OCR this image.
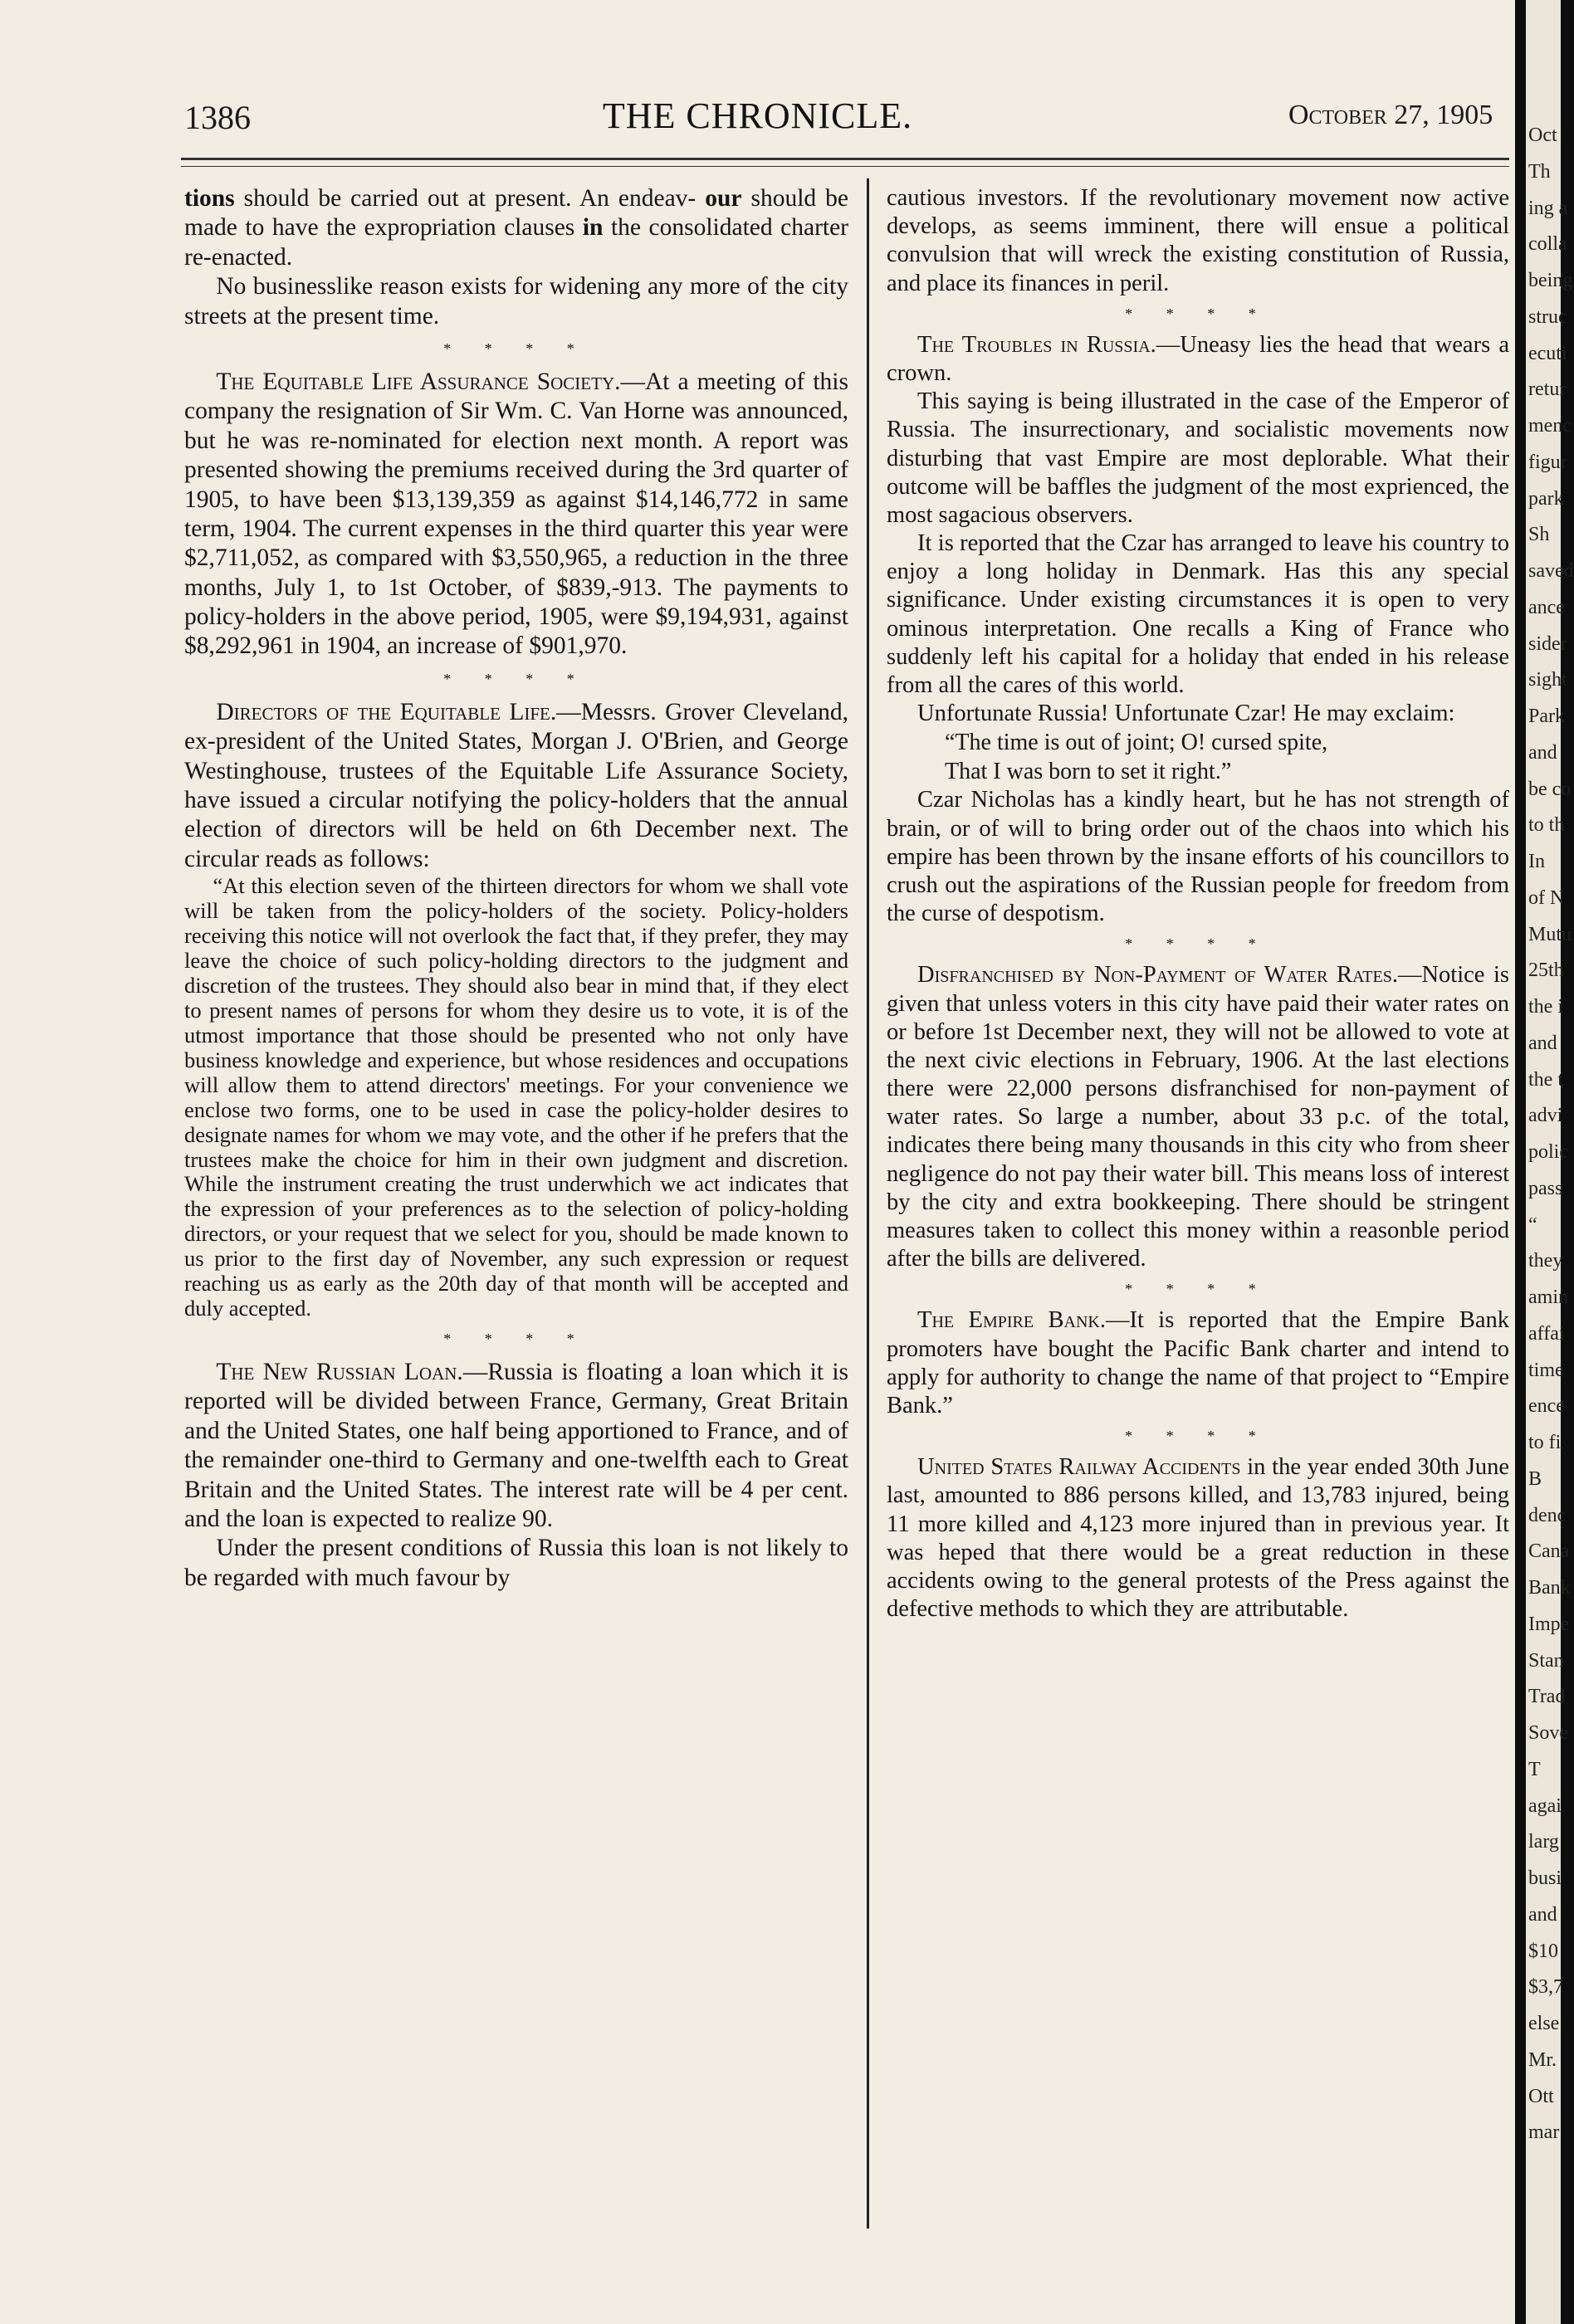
1386	THE CHRONICLE.	October 27, 1905

tions should be carried out at present. An endeav- our should be made to have the expropriation clauses in the consolidated charter re-enacted.

No businesslike reason exists for widening any more of the city streets at the present time.

* * * *

The Equitable Life Assurance Society.—At a meeting of this company the resignation of Sir Wm. C. Van Horne was announced, but he was re-nominated for election next month. A report was presented showing the premiums received during the 3rd quarter of 1905, to have been $13,139,359 as against $14,146,772 in same term, 1904. The current expenses in the third quarter this year were $2,711,052, as compared with $3,550,965, a reduction in the three months, July 1, to 1st October, of $839,-913. The payments to policy-holders in the above period, 1905, were $9,194,931, against $8,292,961 in 1904, an increase of $901,970.

* * * *

Directors of the Equitable Life.—Messrs. Grover Cleveland, ex-president of the United States, Morgan J. O'Brien, and George Westinghouse, trustees of the Equitable Life Assurance Society, have issued a circular notifying the policy-holders that the annual election of directors will be held on 6th December next. The circular reads as follows:

“At this election seven of the thirteen directors for whom we shall vote will be taken from the policy-holders of the society. Policy-holders receiving this notice will not overlook the fact that, if they prefer, they may leave the choice of such policy-holding directors to the judgment and discretion of the trustees. They should also bear in mind that, if they elect to present names of persons for whom they desire us to vote, it is of the utmost importance that those should be presented who not only have business knowledge and experience, but whose residences and occupations will allow them to attend directors' meetings. For your convenience we enclose two forms, one to be used in case the policy-holder desires to designate names for whom we may vote, and the other if he prefers that the trustees make the choice for him in their own judgment and discretion. While the instrument creating the trust underwhich we act indicates that the expression of your preferences as to the selection of policy-holding directors, or your request that we select for you, should be made known to us prior to the first day of November, any such expression or request reaching us as early as the 20th day of that month will be accepted and duly accepted.

* * * *

The New Russian Loan.—Russia is floating a loan which it is reported will be divided between France, Germany, Great Britain and the United States, one half being apportioned to France, and of the remainder one-third to Germany and one-twelfth each to Great Britain and the United States. The interest rate will be 4 per cent. and the loan is expected to realize 90.

Under the present conditions of Russia this loan is not likely to be regarded with much favour by

cautious investors. If the revolutionary movement now active develops, as seems imminent, there will ensue a political convulsion that will wreck the existing constitution of Russia, and place its finances in peril.

* * * *

The Troubles in Russia.—Uneasy lies the head that wears a crown.

This saying is being illustrated in the case of the Emperor of Russia. The insurrectionary, and socialistic movements now disturbing that vast Empire are most deplorable. What their outcome will be baffles the judgment of the most exprienced, the most sagacious observers.

It is reported that the Czar has arranged to leave his country to enjoy a long holiday in Denmark. Has this any special significance. Under existing circumstances it is open to very ominous interpretation. One recalls a King of France who suddenly left his capital for a holiday that ended in his release from all the cares of this world.

Unfortunate Russia! Unfortunate Czar! He may exclaim:

“The time is out of joint; O! cursed spite,
That I was born to set it right.”

Czar Nicholas has a kindly heart, but he has not strength of brain, or of will to bring order out of the chaos into which his empire has been thrown by the insane efforts of his councillors to crush out the aspirations of the Russian people for freedom from the curse of despotism.

* * * *

Disfranchised by Non-Payment of Water Rates.—Notice is given that unless voters in this city have paid their water rates on or before 1st December next, they will not be allowed to vote at the next civic elections in February, 1906. At the last elections there were 22,000 persons disfranchised for non-payment of water rates. So large a number, about 33 p.c. of the total, indicates there being many thousands in this city who from sheer negligence do not pay their water bill. This means loss of interest by the city and extra bookkeeping. There should be stringent measures taken to collect this money within a reasonble period after the bills are delivered.

* * * *

The Empire Bank.—It is reported that the Empire Bank promoters have bought the Pacific Bank charter and intend to apply for authority to change the name of that project to “Empire Bank.”

* * * *

United States Railway Accidents in the year ended 30th June last, amounted to 886 persons killed, and 13,783 injured, being 11 more killed and 4,123 more injured than in previous year. It was heped that there would be a great reduction in these accidents owing to the general protests of the Press against the defective methods to which they are attributable.

Oct
Th
ing a
colla
being
struc
ecuti
retur
menc
figur
park
Sh
saved
ance
sider
sight
Park
and
be co
to th
In
of N
Mutu
25th
the i
and
the t
advi
polic
pass
“
they
amin
affai
time
ence
to fi
B
denc
Cana
Bank
Impe
Stan
Trad
Sove
T
agai
larg
busi
and
$10
$3,7
else
Mr.
Ott
mar
